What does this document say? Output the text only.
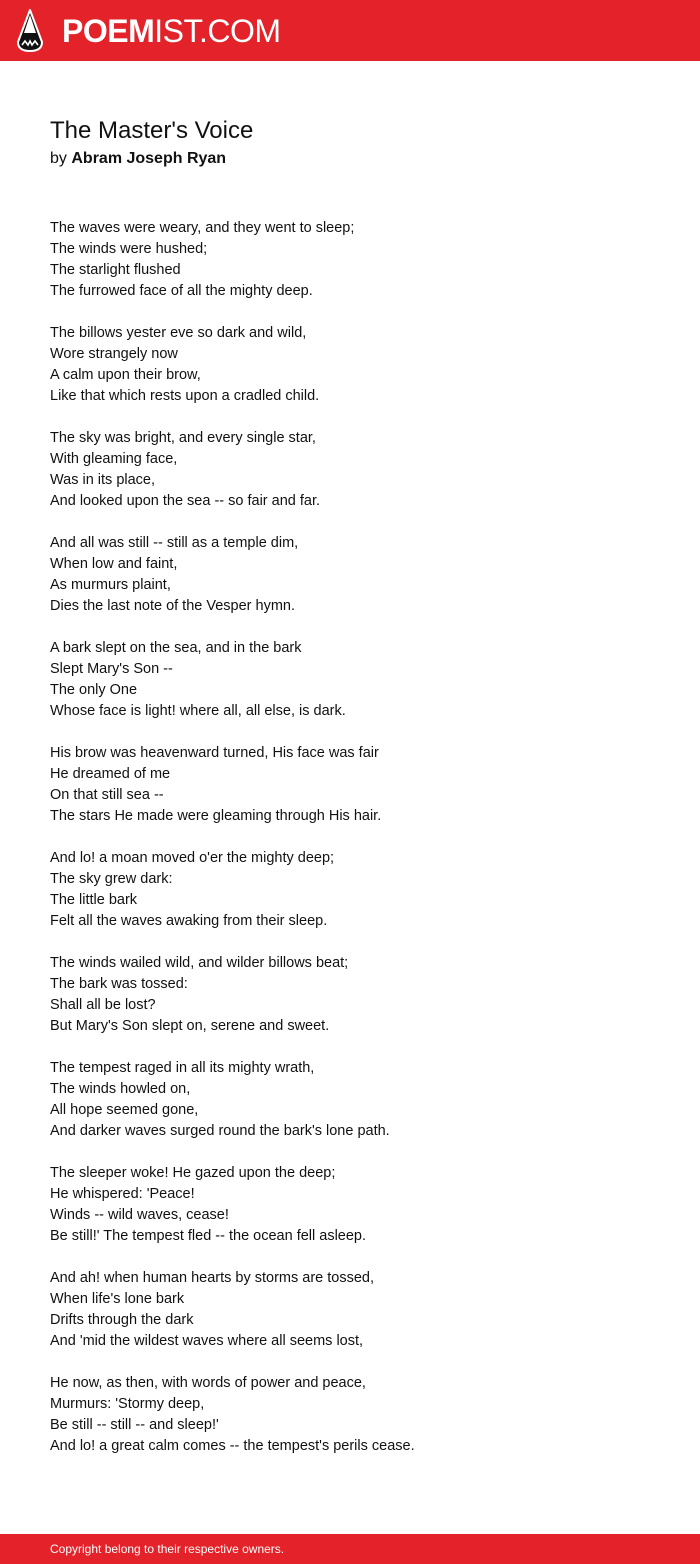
POEMIST.COM
The Master's Voice
by Abram Joseph Ryan
The waves were weary, and they went to sleep;
The winds were hushed;
The starlight flushed
The furrowed face of all the mighty deep.
The billows yester eve so dark and wild,
Wore strangely now
A calm upon their brow,
Like that which rests upon a cradled child.
The sky was bright, and every single star,
With gleaming face,
Was in its place,
And looked upon the sea -- so fair and far.
And all was still -- still as a temple dim,
When low and faint,
As murmurs plaint,
Dies the last note of the Vesper hymn.
A bark slept on the sea, and in the bark
Slept Mary's Son --
The only One
Whose face is light! where all, all else, is dark.
His brow was heavenward turned, His face was fair
He dreamed of me
On that still sea --
The stars He made were gleaming through His hair.
And lo! a moan moved o'er the mighty deep;
The sky grew dark:
The little bark
Felt all the waves awaking from their sleep.
The winds wailed wild, and wilder billows beat;
The bark was tossed:
Shall all be lost?
But Mary's Son slept on, serene and sweet.
The tempest raged in all its mighty wrath,
The winds howled on,
All hope seemed gone,
And darker waves surged round the bark's lone path.
The sleeper woke! He gazed upon the deep;
He whispered: 'Peace!
Winds -- wild waves, cease!
Be still!' The tempest fled -- the ocean fell asleep.
And ah! when human hearts by storms are tossed,
When life's lone bark
Drifts through the dark
And 'mid the wildest waves where all seems lost,
He now, as then, with words of power and peace,
Murmurs: 'Stormy deep,
Be still -- still -- and sleep!'
And lo! a great calm comes -- the tempest's perils cease.
Copyright belong to their respective owners.
